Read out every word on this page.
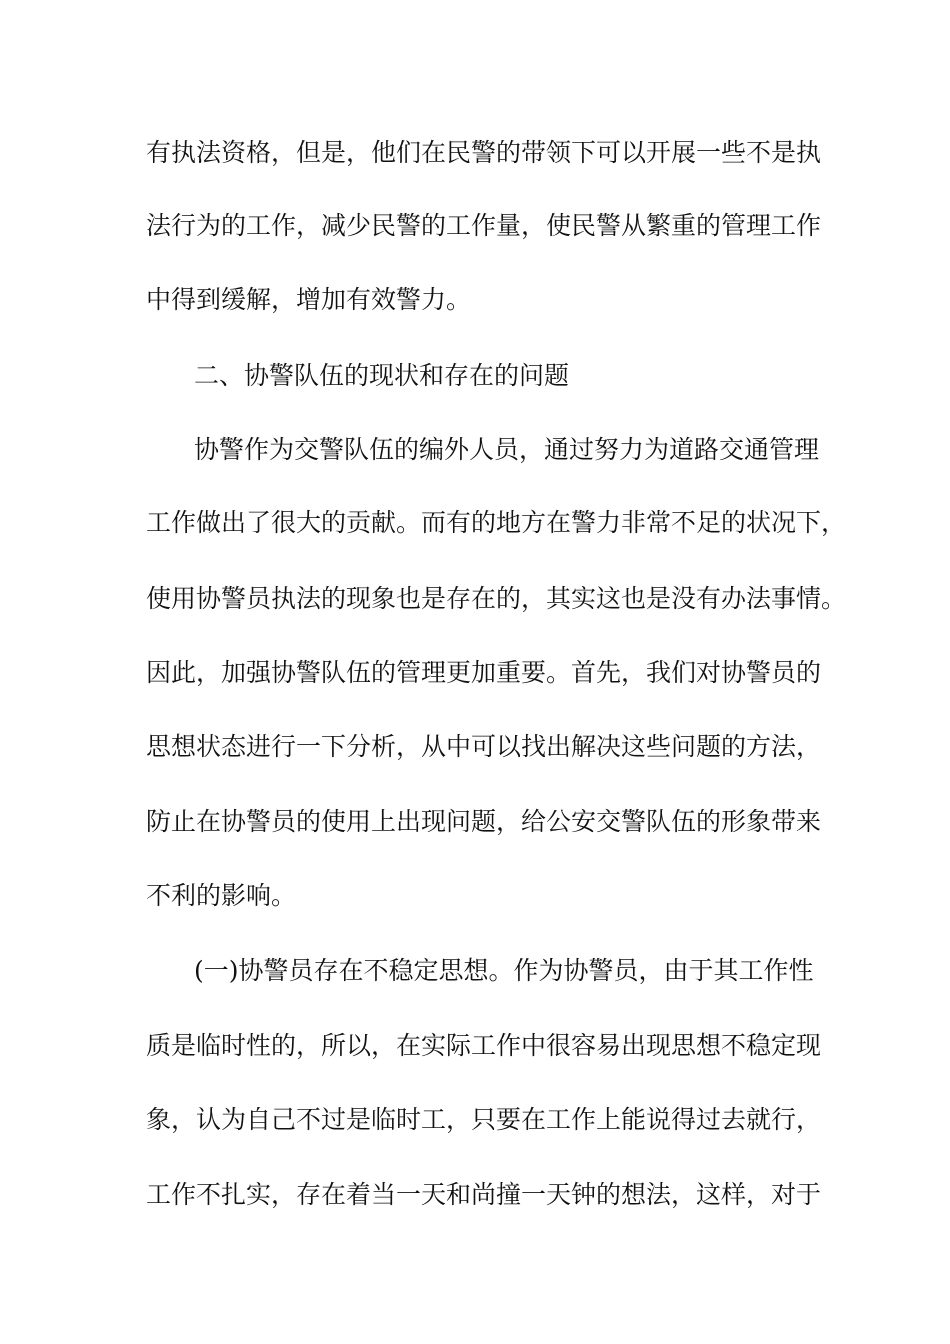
有执法资格，但是，他们在民警的带领下可以开展一些不是执
法行为的工作，减少民警的工作量，使民警从繁重的管理工作
中得到缓解，增加有效警力。
二、协警队伍的现状和存在的问题
协警作为交警队伍的编外人员，通过努力为道路交通管理
工作做出了很大的贡献。而有的地方在警力非常不足的状况下，
使用协警员执法的现象也是存在的，其实这也是没有办法事情。
因此，加强协警队伍的管理更加重要。首先，我们对协警员的
思想状态进行一下分析，从中可以找出解决这些问题的方法，
防止在协警员的使用上出现问题，给公安交警队伍的形象带来
不利的影响。
(一)协警员存在不稳定思想。作为协警员，由于其工作性
质是临时性的，所以，在实际工作中很容易出现思想不稳定现
象，认为自己不过是临时工，只要在工作上能说得过去就行，
工作不扎实，存在着当一天和尚撞一天钟的想法，这样，对于
